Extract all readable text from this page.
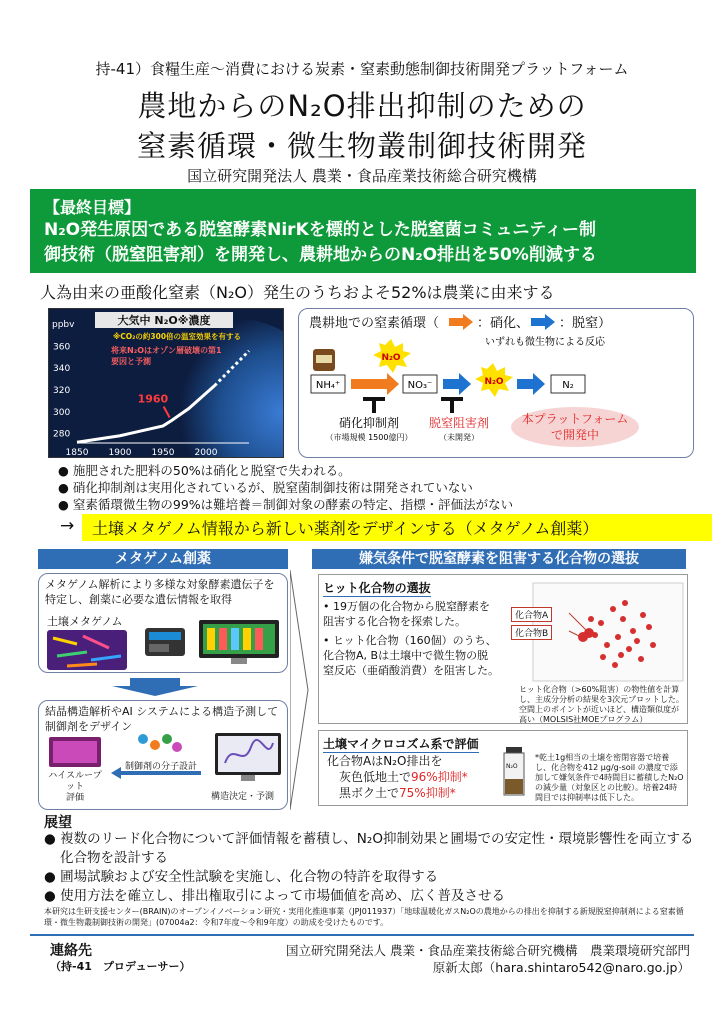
持-41）食糧生産〜消費における炭素・窒素動態制御技術開発プラットフォーム
農地からのN₂O排出抑制のための
窒素循環・微生物叢制御技術開発
国立研究開発法人 農業・食品産業技術総合研究機構
【最終目標】
N₂O発生原因である脱窒酵素NirKを標的とした脱窒菌コミュニティー制
御技術（脱窒阻害剤）を開発し、農耕地からのN₂O排出を50%削減する
人為由来の亜酸化窒素（N₂O）発生のうちおよそ52%は農業に由来する
大気中 N₂O※濃度
※CO₂の約300倍の温室効果を有する
ppbv
360
340
320
300
280
1850 1900 1950 2000
1960
将来N₂Oはオゾン層破壊の第1
要因と予測
農耕地での窒素循環（	：硝化、 ：脱窒）
いずれも微生物による反応
N₂O
N₂O
NH₄⁺	NO₃⁻	N₂
硝化抑制剤
（市場規模 1500億円）
脱窒阻害剤
（未開発）
本プラットフォーム
で開発中
● 施肥された肥料の50%は硝化と脱窒で失われる。
● 硝化抑制剤は実用化されているが、脱窒菌制御技術は開発されていない
● 窒素循環微生物の99%は難培養＝制御対象の酵素の特定、指標・評価法がない
→	土壌メタゲノム情報から新しい薬剤をデザインする（メタゲノム創薬）
メタゲノム創薬
メタゲノム解析により多様な対象酵素遺伝子を特定し、創薬に必要な遺伝情報を取得
土壌メタゲノム
結晶構造解析やAI システムによる構造予測して制御剤をデザイン
制御剤の分子設計
ハイスループット
評価	構造決定・予測
嫌気条件で脱窒酵素を阻害する化合物の選抜
ヒット化合物の選抜
• 19万個の化合物から脱窒酵素を阻害する化合物を探索した。
• ヒット化合物（160個）のうち、化合物A, Bは土壌中で微生物の脱窒反応（亜硝酸消費）を阻害した。
化合物A
化合物B
ヒット化合物（>60%阻害）の物性値を計算し、主成分分析の結果を3次元プロットした。空間上のポイントが近いほど、構造類似度が高い（MOLSIS社MOEプログラム）
土壌マイクロコズム系で評価
化合物AはN₂O排出を
灰色低地土で96%抑制*
黒ボク土で75%抑制*
N₂O
*乾土1g相当の土壌を密閉容器で培養し、化合物を412 µg/g-soil の濃度で添加して嫌気条件で4時間目に蓄積したN₂Oの減少量（対象区との比較）。培養24時間目では抑制率は低下した。
展望
● 複数のリード化合物について評価情報を蓄積し、N₂O抑制効果と圃場での安定性・環境影響性を両立する化合物を設計する
● 圃場試験および安全性試験を実施し、化合物の特許を取得する
● 使用方法を確立し、排出権取引によって市場価値を高め、広く普及させる
本研究は生研支援センター(BRAIN)のオープンイノベーション研究・実用化推進事業（JPJ011937）「地球温暖化ガスN₂Oの農地からの排出を抑制する新規脱窒抑制剤による窒素循環・微生物叢制御技術の開発」(07004a2：令和7年度〜令和9年度）の助成を受けたものです。
連絡先
（持-41　プロデューサー）
国立研究開発法人 農業・食品産業技術総合研究機構　農業環境研究部門
原新太郎（hara.shintaro542@naro.go.jp）
